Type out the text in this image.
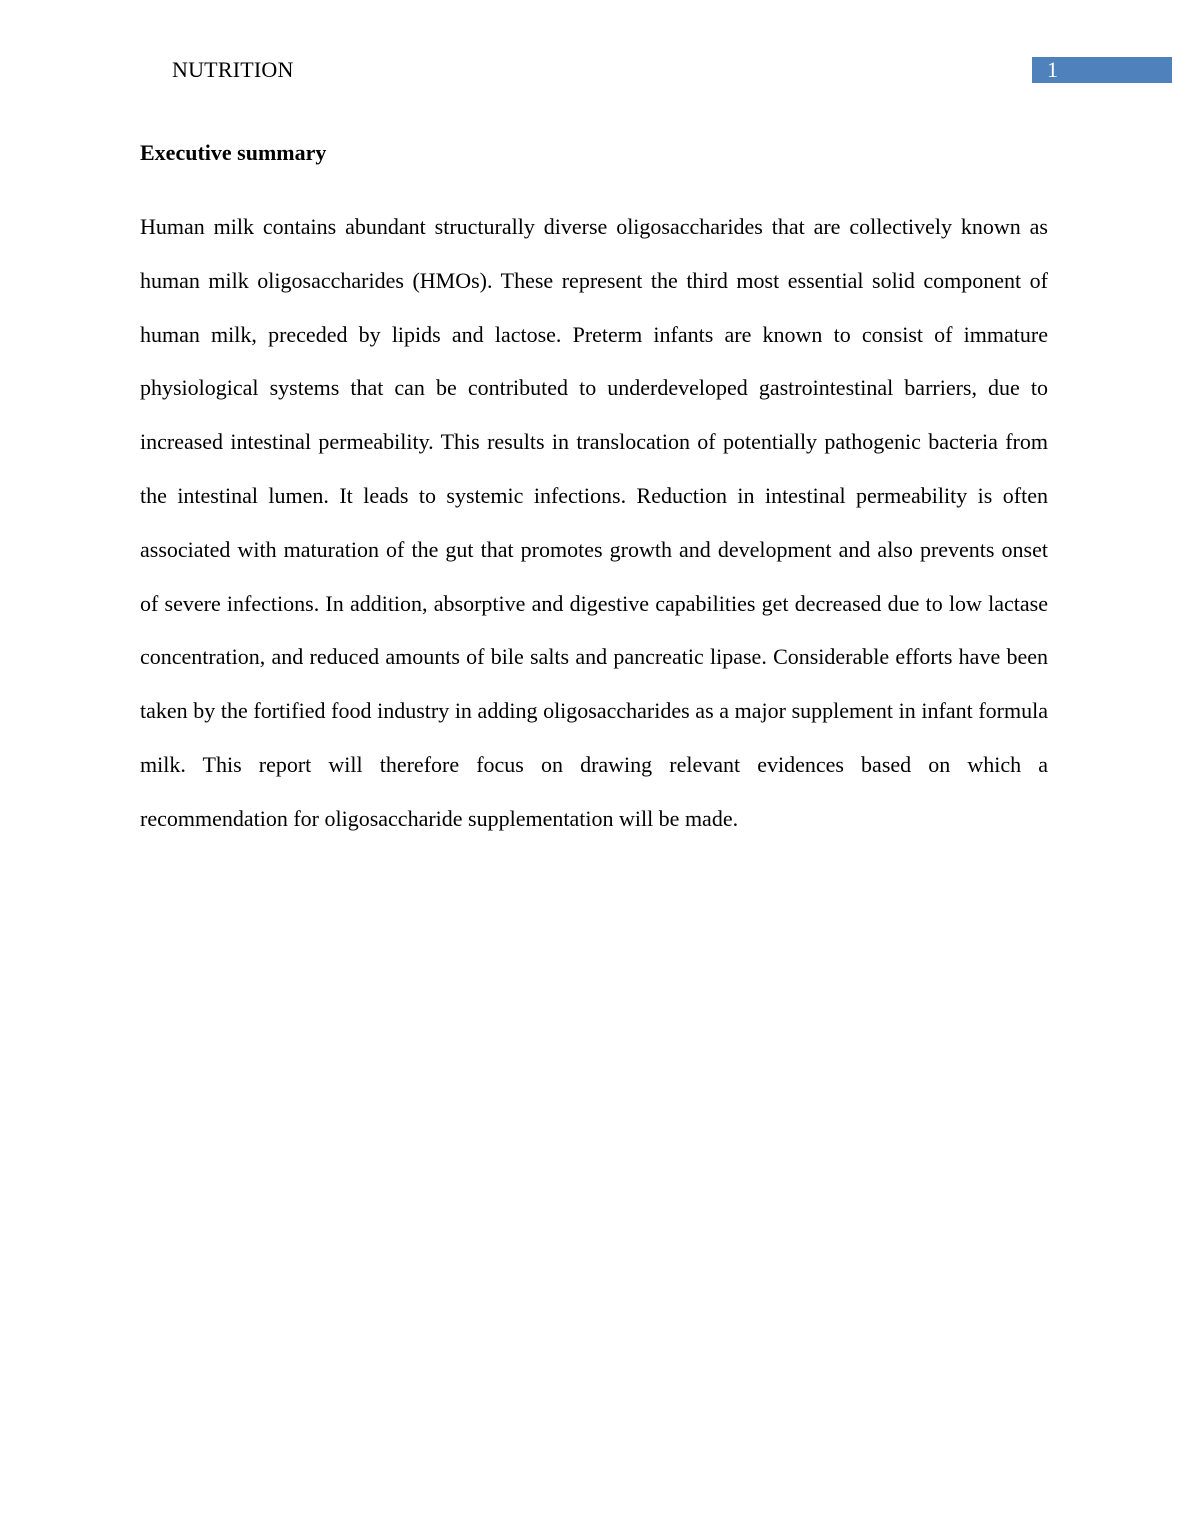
NUTRITION	1
Executive summary

Human milk contains abundant structurally diverse oligosaccharides that are collectively known as human milk oligosaccharides (HMOs). These represent the third most essential solid component of human milk, preceded by lipids and lactose. Preterm infants are known to consist of immature physiological systems that can be contributed to underdeveloped gastrointestinal barriers, due to increased intestinal permeability. This results in translocation of potentially pathogenic bacteria from the intestinal lumen. It leads to systemic infections. Reduction in intestinal permeability is often associated with maturation of the gut that promotes growth and development and also prevents onset of severe infections. In addition, absorptive and digestive capabilities get decreased due to low lactase concentration, and reduced amounts of bile salts and pancreatic lipase. Considerable efforts have been taken by the fortified food industry in adding oligosaccharides as a major supplement in infant formula milk. This report will therefore focus on drawing relevant evidences based on which a recommendation for oligosaccharide supplementation will be made.
